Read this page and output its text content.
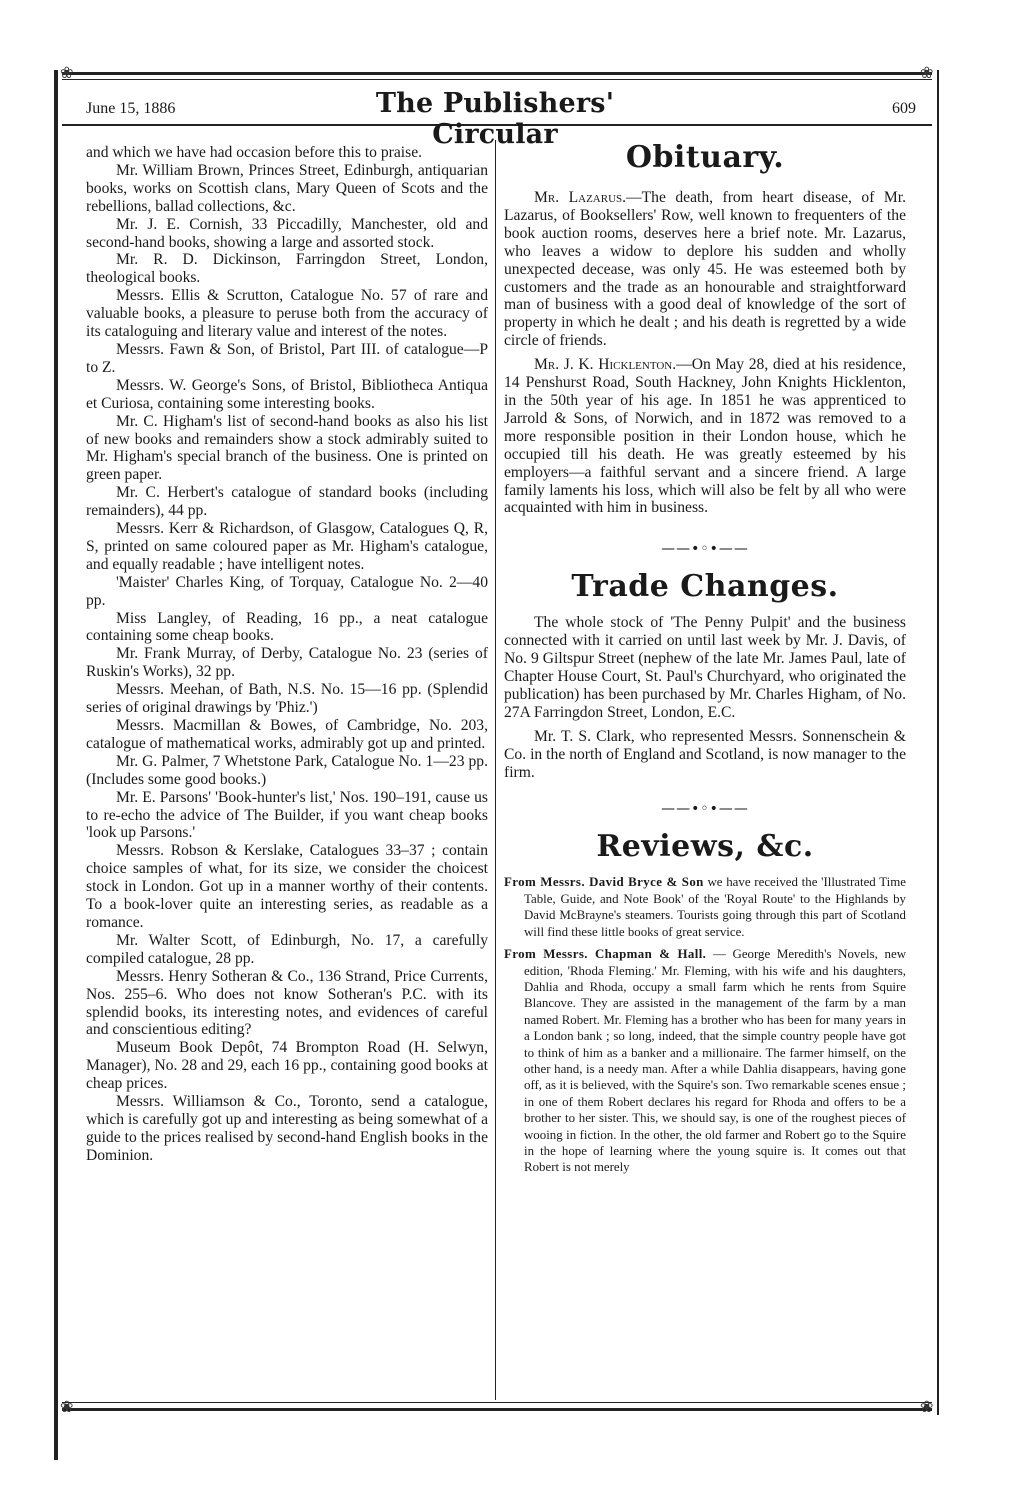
❀	❀
❀	❀
June 15, 1886	The Publishers' Circular
609

and which we have had occasion before this to praise.

Mr. William Brown, Princes Street, Edinburgh, antiquarian books, works on Scottish clans, Mary Queen of Scots and the rebellions, ballad collections, &c.

Mr. J. E. Cornish, 33 Piccadilly, Manchester, old and second-hand books, showing a large and assorted stock.

Mr. R. D. Dickinson, Farringdon Street, London, theological books.

Messrs. Ellis & Scrutton, Catalogue No. 57 of rare and valuable books, a pleasure to peruse both from the accuracy of its cataloguing and literary value and interest of the notes.

Messrs. Fawn & Son, of Bristol, Part III. of catalogue—P to Z.

Messrs. W. George's Sons, of Bristol, Bibliotheca Antiqua et Curiosa, containing some interesting books.

Mr. C. Higham's list of second-hand books as also his list of new books and remainders show a stock admirably suited to Mr. Higham's special branch of the business. One is printed on green paper.

Mr. C. Herbert's catalogue of standard books (including remainders), 44 pp.

Messrs. Kerr & Richardson, of Glasgow, Catalogues Q, R, S, printed on same coloured paper as Mr. Higham's catalogue, and equally readable ; have intelligent notes.

'Maister' Charles King, of Torquay, Catalogue No. 2—40 pp.

Miss Langley, of Reading, 16 pp., a neat catalogue containing some cheap books.

Mr. Frank Murray, of Derby, Catalogue No. 23 (series of Ruskin's Works), 32 pp.

Messrs. Meehan, of Bath, N.S. No. 15—16 pp. (Splendid series of original drawings by 'Phiz.')

Messrs. Macmillan & Bowes, of Cambridge, No. 203, catalogue of mathematical works, admirably got up and printed.

Mr. G. Palmer, 7 Whetstone Park, Catalogue No. 1—23 pp. (Includes some good books.)

Mr. E. Parsons' 'Book-hunter's list,' Nos. 190–191, cause us to re-echo the advice of The Builder, if you want cheap books 'look up Parsons.'

Messrs. Robson & Kerslake, Catalogues 33–37 ; contain choice samples of what, for its size, we consider the choicest stock in London. Got up in a manner worthy of their contents. To a book-lover quite an interesting series, as readable as a romance.

Mr. Walter Scott, of Edinburgh, No. 17, a carefully compiled catalogue, 28 pp.

Messrs. Henry Sotheran & Co., 136 Strand, Price Currents, Nos. 255–6. Who does not know Sotheran's P.C. with its splendid books, its interesting notes, and evidences of careful and conscientious editing?

Museum Book Depôt, 74 Brompton Road (H. Selwyn, Manager), No. 28 and 29, each 16 pp., containing good books at cheap prices.

Messrs. Williamson & Co., Toronto, send a catalogue, which is carefully got up and interesting as being somewhat of a guide to the prices realised by second-hand English books in the Dominion.

Obituary.

Mr. Lazarus.—The death, from heart disease, of Mr. Lazarus, of Booksellers' Row, well known to frequenters of the book auction rooms, deserves here a brief note. Mr. Lazarus, who leaves a widow to deplore his sudden and wholly unexpected decease, was only 45. He was esteemed both by customers and the trade as an honourable and straightforward man of business with a good deal of knowledge of the sort of property in which he dealt ; and his death is regretted by a wide circle of friends.

Mr. J. K. Hicklenton.—On May 28, died at his residence, 14 Penshurst Road, South Hackney, John Knights Hicklenton, in the 50th year of his age. In 1851 he was apprenticed to Jarrold & Sons, of Norwich, and in 1872 was removed to a more responsible position in their London house, which he occupied till his death. He was greatly esteemed by his employers—a faithful servant and a sincere friend. A large family laments his loss, which will also be felt by all who were acquainted with him in business.

——•◦•——
Trade Changes.

The whole stock of 'The Penny Pulpit' and the business connected with it carried on until last week by Mr. J. Davis, of No. 9 Giltspur Street (nephew of the late Mr. James Paul, late of Chapter House Court, St. Paul's Churchyard, who originated the publication) has been purchased by Mr. Charles Higham, of No. 27A Farringdon Street, London, E.C.

Mr. T. S. Clark, who represented Messrs. Sonnenschein & Co. in the north of England and Scotland, is now manager to the firm.

——•◦•——
Reviews, &c.

From Messrs. David Bryce & Son we have received the 'Illustrated Time Table, Guide, and Note Book' of the 'Royal Route' to the Highlands by David McBrayne's steamers. Tourists going through this part of Scotland will find these little books of great service.

From Messrs. Chapman & Hall. — George Meredith's Novels, new edition, 'Rhoda Fleming.' Mr. Fleming, with his wife and his daughters, Dahlia and Rhoda, occupy a small farm which he rents from Squire Blancove. They are assisted in the management of the farm by a man named Robert. Mr. Fleming has a brother who has been for many years in a London bank ; so long, indeed, that the simple country people have got to think of him as a banker and a millionaire. The farmer himself, on the other hand, is a needy man. After a while Dahlia disappears, having gone off, as it is believed, with the Squire's son. Two remarkable scenes ensue ; in one of them Robert declares his regard for Rhoda and offers to be a brother to her sister. This, we should say, is one of the roughest pieces of wooing in fiction. In the other, the old farmer and Robert go to the Squire in the hope of learning where the young squire is. It comes out that Robert is not merely
